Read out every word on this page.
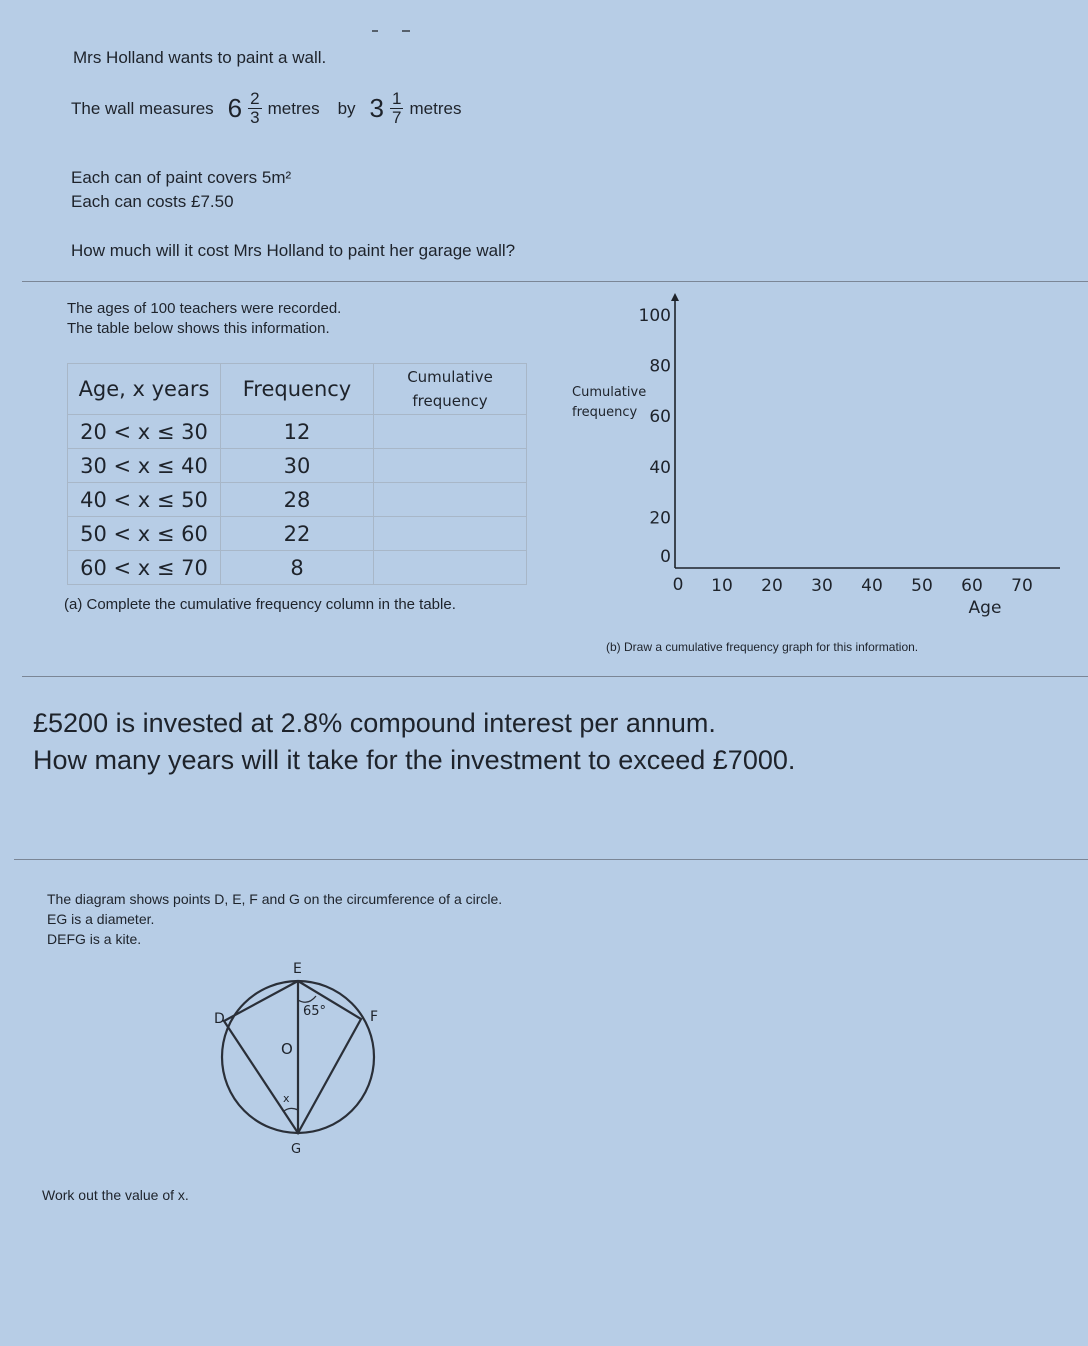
Mrs Holland wants to paint a wall.
The wall measures $6 \frac{2}{3}$ metres by $3 \frac{1}{7}$ metres
Each can of paint covers 5m²
Each can costs £7.50
How much will it cost Mrs Holland to paint her garage wall?
The ages of 100 teachers were recorded.
The table below shows this information.
Age, x years	Frequency	Cumulative
frequency

20 < x ≤ 30	12	
30 < x ≤ 40	30	
40 < x ≤ 50	28	
50 < x ≤ 60	22	
60 < x ≤ 70	8	
(a) Complete the cumulative frequency column in the table.
20
40
60
80
100
0
0 10 20 30 40 50 60 70
Age
Cumulative
frequency
(b) Draw a cumulative frequency graph for this information.
£5200 is invested at 2.8% compound interest per annum.
How many years will it take for the investment to exceed £7000.
The diagram shows points D, E, F and G on the circumference of a circle.
EG is a diameter.
DEFG is a kite.
E
D	F
O
G
x
65°
Work out the value of x.
